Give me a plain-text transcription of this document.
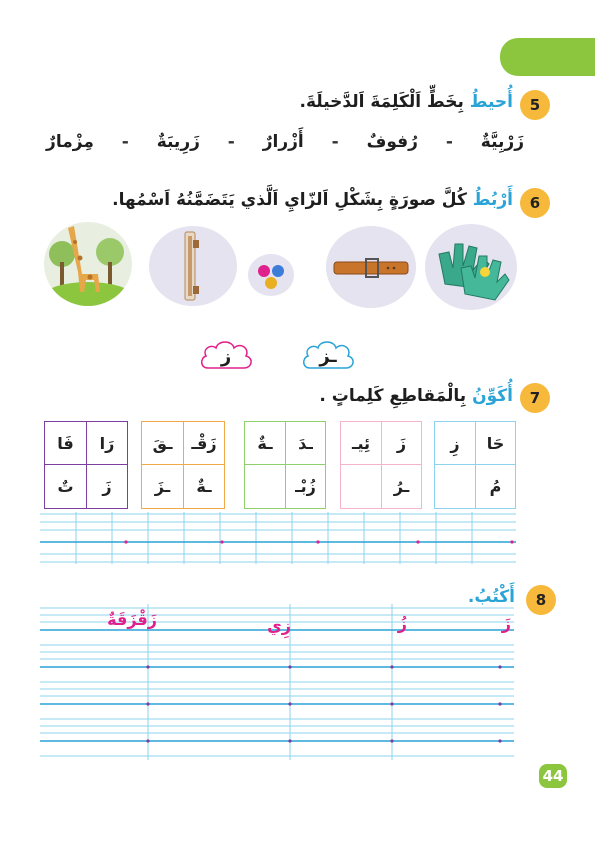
5
أُحيطُ بِخَطٍّ اَلْكَلِمَةَ اَلدَّخيلَةَ.
زَرْبِيَّةٌ
-
رُفوفٌ
-
أَزْرارٌ
-
زَرِيبَةٌ
-
مِزْمارٌ
6
أَرْبُطُ كُلَّ صورَةٍ بِشَكْلِ اَلزّايِ اَلَّذي يَتَضَمَّنُهُ اَسْمُها.
ـز
ز
7
أُكَوِّنُ بِالْمَقاطِعِ كَلِماتٍ .
حَا
زِ
مُ
زَ
ئِيـ
ـرُ
ـدَ
ـةٌ
زُبْـ
زَقْـ
ـقَ
ـةٌ
ـزَ
رَا
فَا
زَ
تٌ
8
أَكْتُبُ.
زَ
زُ
زِي
زَقْزَقَةٌ
44
